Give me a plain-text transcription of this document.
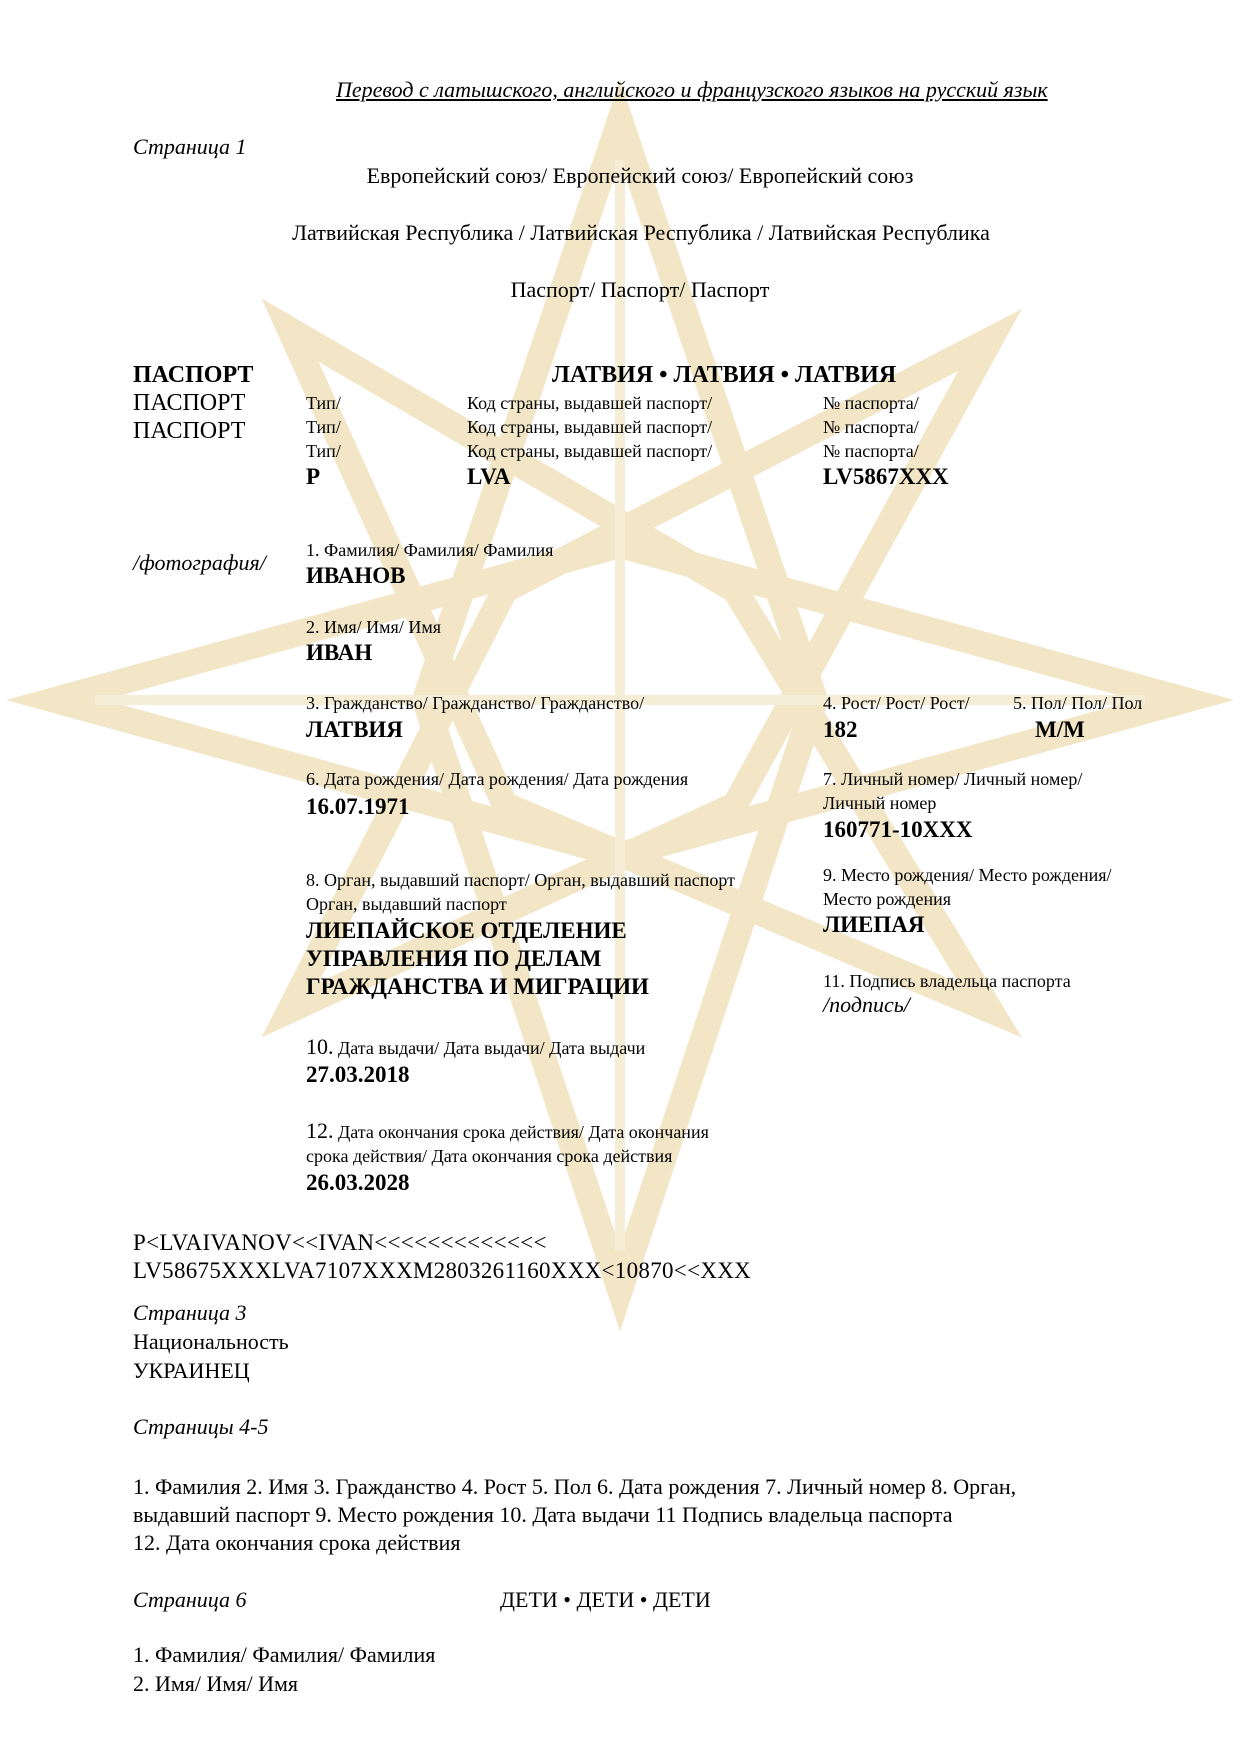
Перевод с латышского, английского и французского языков на русский язык
Страница 1
Европейский союз/ Европейский союз/ Европейский союз
Латвийская Республика / Латвийская Республика / Латвийская Республика
Паспорт/ Паспорт/ Паспорт
ПАСПОРТ
ПАСПОРТ
ПАСПОРТ
ЛАТВИЯ • ЛАТВИЯ • ЛАТВИЯ
Тип/
Тип/
Тип/
P
Код страны, выдавшей паспорт/
Код страны, выдавшей паспорт/
Код страны, выдавшей паспорт/
LVA
№ паспорта/
№ паспорта/
№ паспорта/
LV5867XXX
/фотография/ 1. Фамилия/ Фамилия/ Фамилия
ИВАНОВ
2. Имя/ Имя/ Имя
ИВАН
3. Гражданство/ Гражданство/ Гражданство/
ЛАТВИЯ
4. Рост/ Рост/ Рост/
182
5. Пол/ Пол/ Пол
M/M
6. Дата рождения/ Дата рождения/ Дата рождения
16.07.1971
7. Личный номер/ Личный номер/
Личный номер
160771-10XXX
8. Орган, выдавший паспорт/ Орган, выдавший паспорт
Орган, выдавший паспорт
ЛИЕПАЙСКОЕ ОТДЕЛЕНИЕ
УПРАВЛЕНИЯ ПО ДЕЛАМ
ГРАЖДАНСТВА И МИГРАЦИИ
9. Место рождения/ Место рождения/
Место рождения
ЛИЕПАЯ
11. Подпись владельца паспорта
/подпись/
10. Дата выдачи/ Дата выдачи/ Дата выдачи
27.03.2018
12. Дата окончания срока действия/ Дата окончания
срока действия/ Дата окончания срока действия
26.03.2028
P<LVAIVANOV<<IVAN<<<<<<<<<<<<<
LV58675XXXLVA7107XXXM2803261160XXX<10870<<XXX
Страница 3
Национальность
УКРАИНЕЦ
Страницы 4-5
1. Фамилия 2. Имя 3. Гражданство 4. Рост 5. Пол 6. Дата рождения 7. Личный номер 8. Орган,
выдавший паспорт 9. Место рождения 10. Дата выдачи 11 Подпись владельца паспорта
12. Дата окончания срока действия
Страница 6	ДЕТИ • ДЕТИ • ДЕТИ
1. Фамилия/ Фамилия/ Фамилия
2. Имя/ Имя/ Имя
